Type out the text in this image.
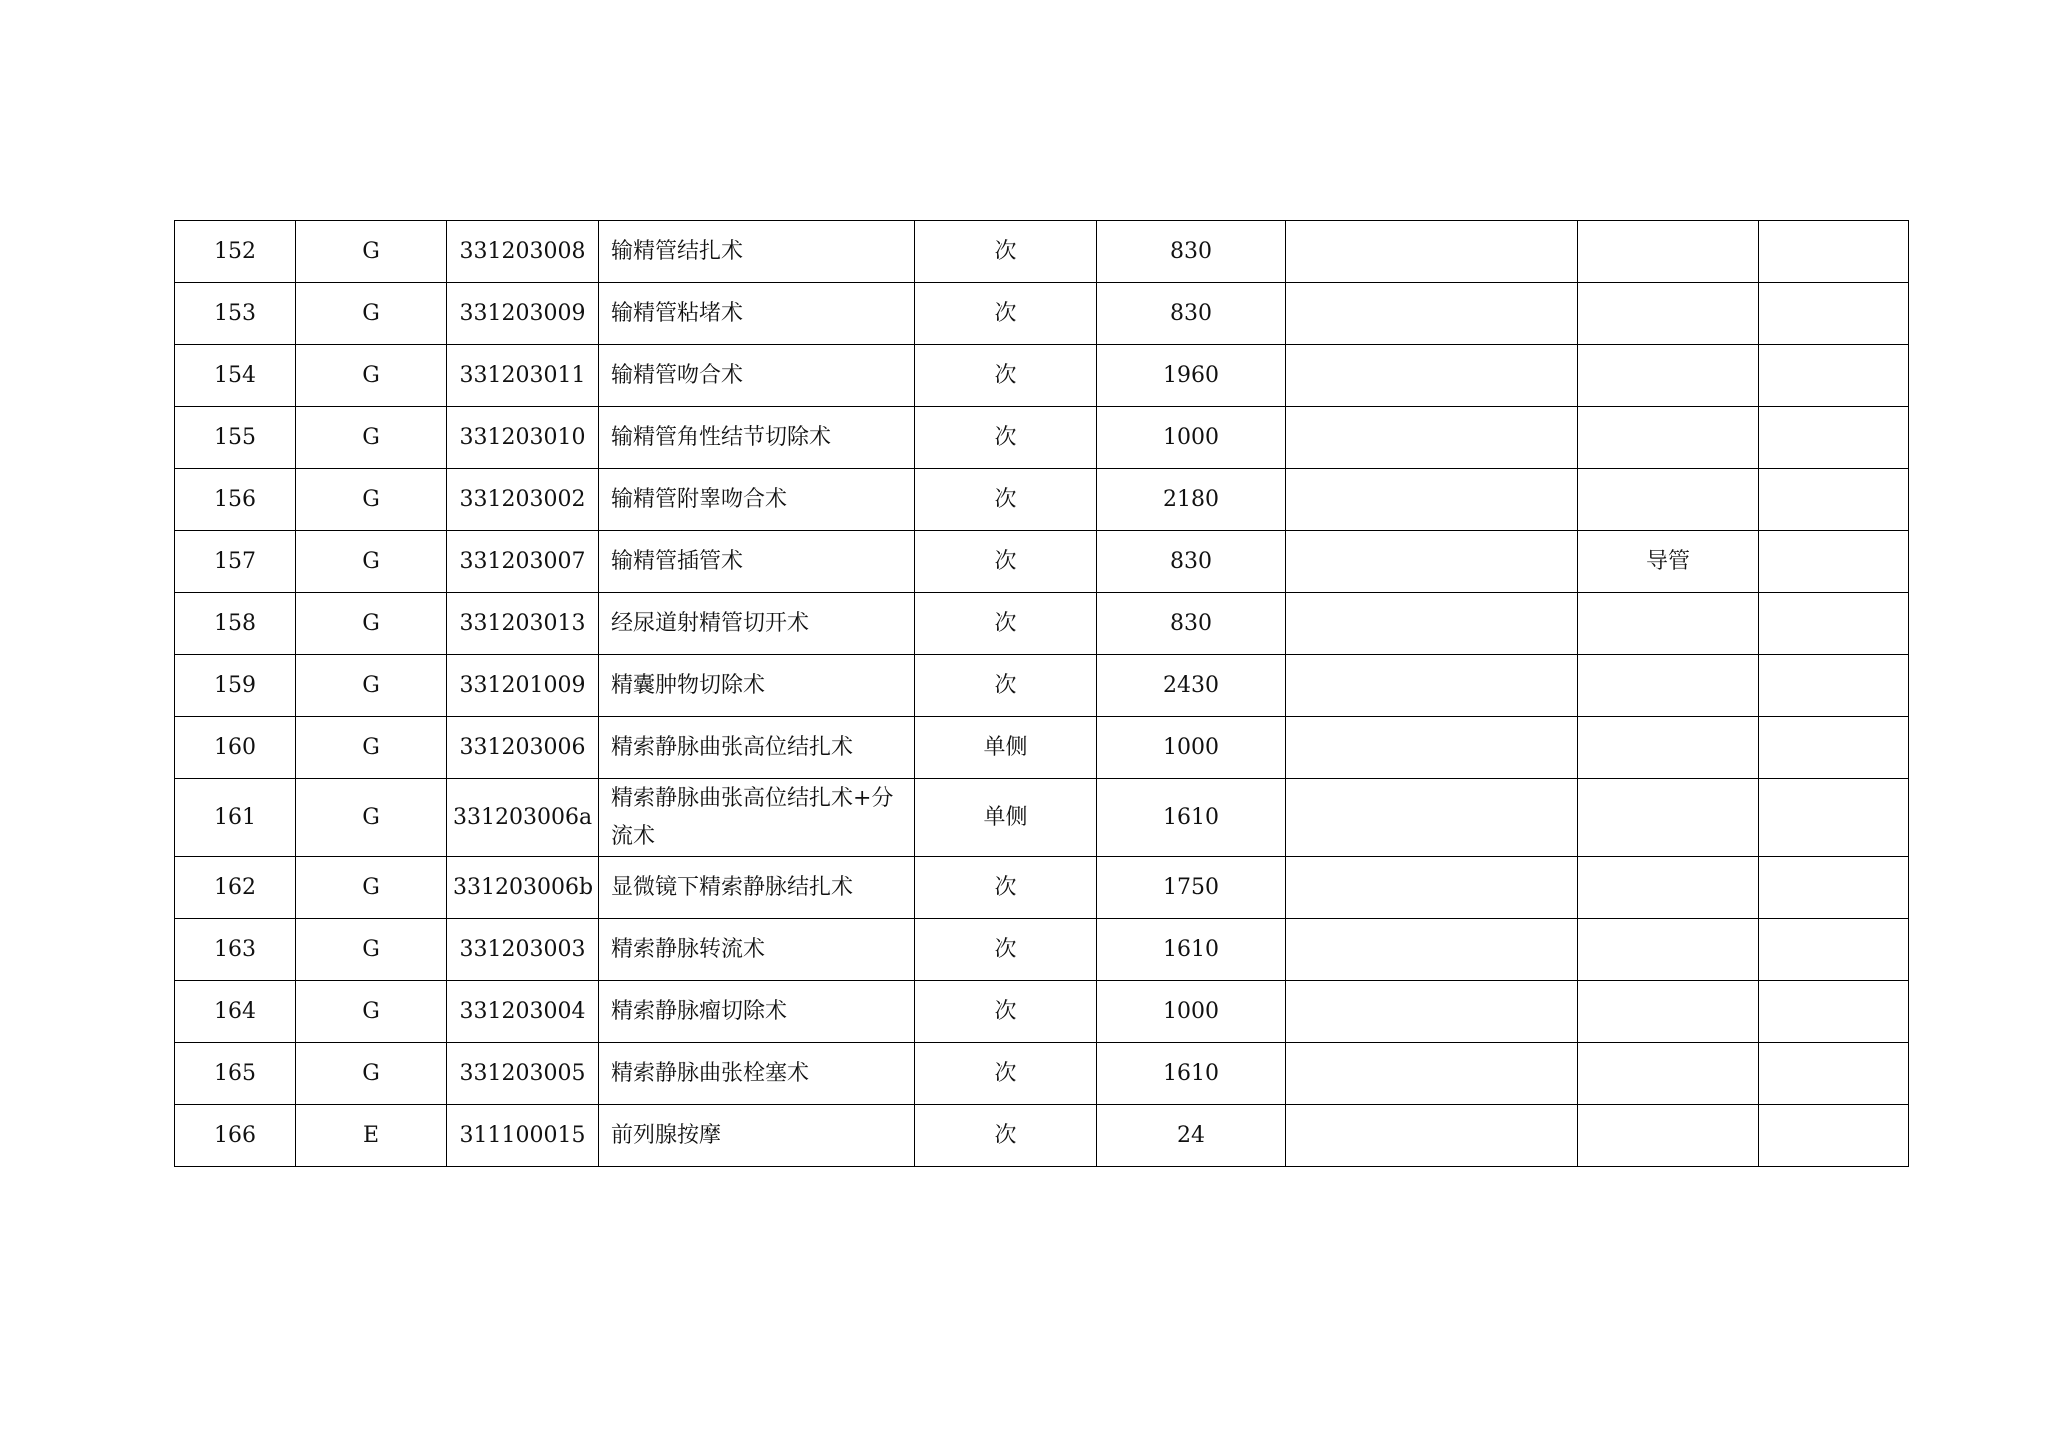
152	G	331203008	输精管结扎术	次	830			
153	G	331203009	输精管粘堵术	次	830			
154	G	331203011	输精管吻合术	次	1960			
155	G	331203010	输精管角性结节切除术	次	1000			
156	G	331203002	输精管附睾吻合术	次	2180			
157	G	331203007	输精管插管术	次	830		导管	
158	G	331203013	经尿道射精管切开术	次	830			
159	G	331201009	精囊肿物切除术	次	2430			
160	G	331203006	精索静脉曲张高位结扎术	单侧	1000			
161	G	331203006a	精索静脉曲张高位结扎术+分流术	单侧	1610			
162	G	331203006b	显微镜下精索静脉结扎术	次	1750			
163	G	331203003	精索静脉转流术	次	1610			
164	G	331203004	精索静脉瘤切除术	次	1000			
165	G	331203005	精索静脉曲张栓塞术	次	1610			
166	E	311100015	前列腺按摩	次	24			
